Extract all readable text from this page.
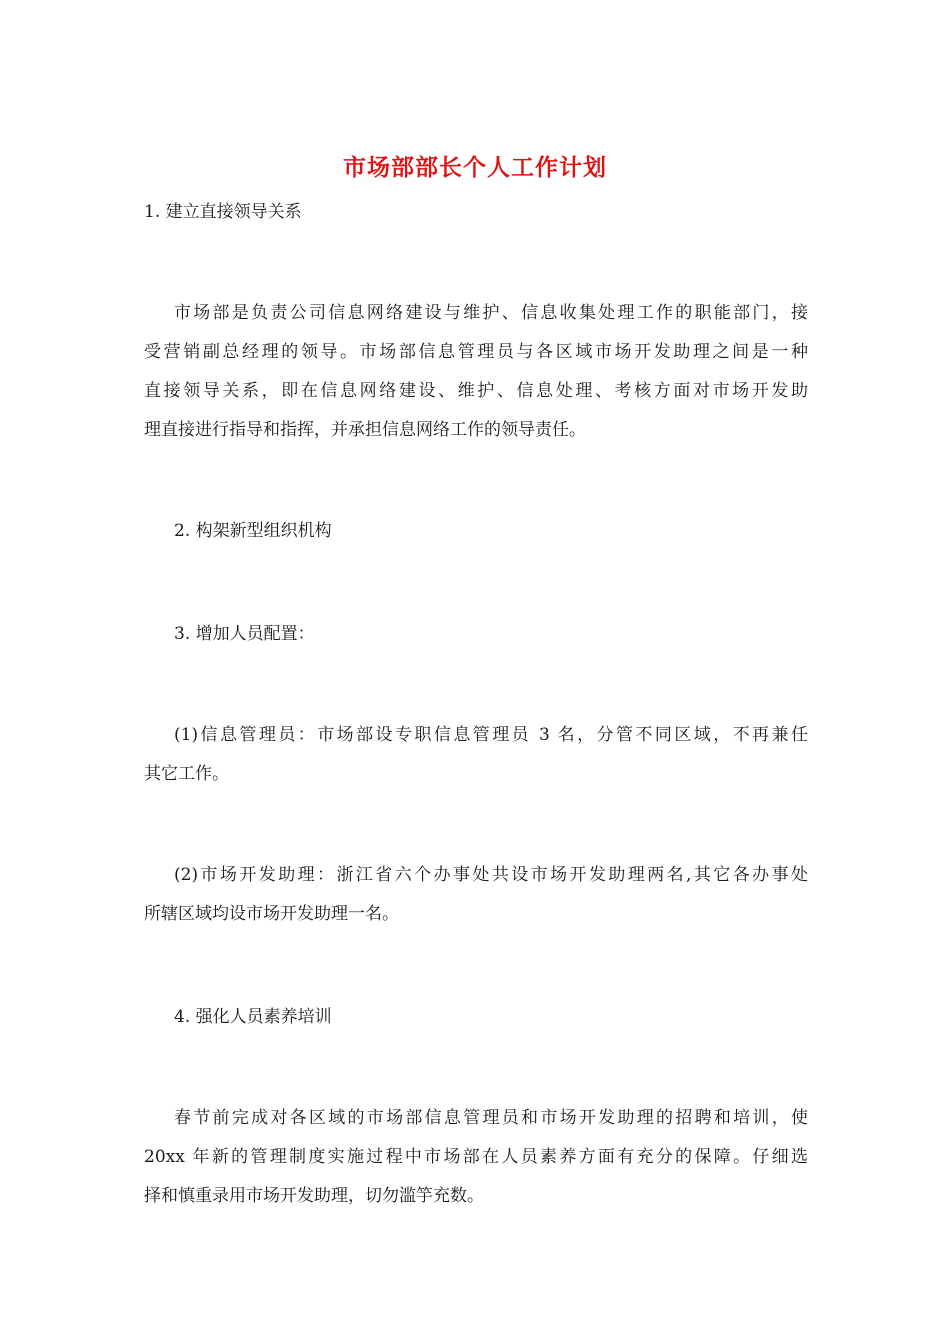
市场部部长个人工作计划
1. 建立直接领导关系
市场部是负责公司信息网络建设与维护、信息收集处理工作的职能部门，接
受营销副总经理的领导。市场部信息管理员与各区域市场开发助理之间是一种
直接领导关系，即在信息网络建设、维护、信息处理、考核方面对市场开发助
理直接进行指导和指挥，并承担信息网络工作的领导责任。
2. 构架新型组织机构
3. 增加人员配置：
(1)信息管理员：市场部设专职信息管理员 3 名，分管不同区域，不再兼任
其它工作。
(2)市场开发助理：浙江省六个办事处共设市场开发助理两名,其它各办事处
所辖区域均设市场开发助理一名。
4. 强化人员素养培训
春节前完成对各区域的市场部信息管理员和市场开发助理的招聘和培训，使
20xx 年新的管理制度实施过程中市场部在人员素养方面有充分的保障。仔细选
择和慎重录用市场开发助理，切勿滥竽充数。
